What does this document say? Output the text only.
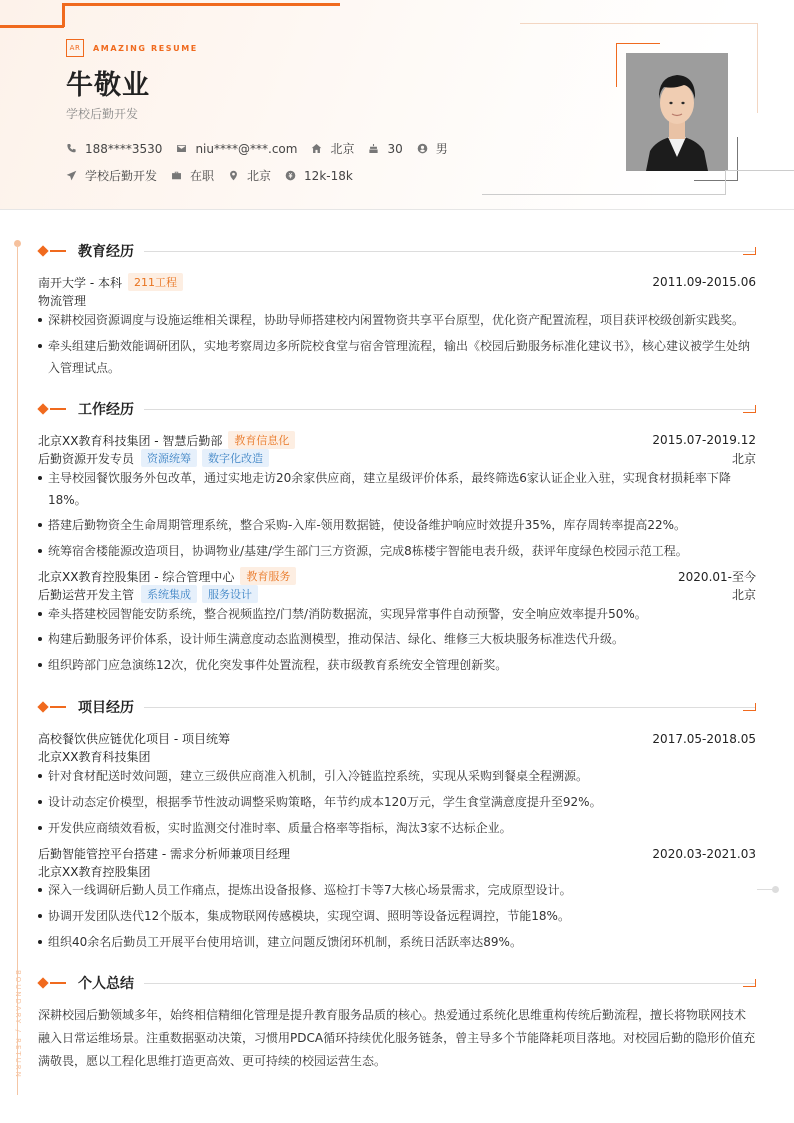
AR	AMAZING RESUME
牛敬业
学校后勤开发
188****3530	niu****@***.com	北京	30	男
学校后勤开发	在职	北京	12k-18k
BOUNDARY / RETURN
教育经历
南开大学 - 本科	211工程	2011.09-2015.06
物流管理
深耕校园资源调度与设施运维相关课程，协助导师搭建校内闲置物资共享平台原型，优化资产配置流程，项目获评校级创新实践奖。
牵头组建后勤效能调研团队，实地考察周边多所院校食堂与宿舍管理流程，输出《校园后勤服务标准化建议书》，核心建议被学生处纳入管理试点。
工作经历
北京XX教育科技集团 - 智慧后勤部	教育信息化	2015.07-2019.12
后勤资源开发专员	资源统筹	数字化改造	北京
主导校园餐饮服务外包改革，通过实地走访20余家供应商，建立星级评价体系，最终筛选6家认证企业入驻，实现食材损耗率下降18%。
搭建后勤物资全生命周期管理系统，整合采购-入库-领用数据链，使设备维护响应时效提升35%，库存周转率提高22%。
统筹宿舍楼能源改造项目，协调物业/基建/学生部门三方资源，完成8栋楼宇智能电表升级，获评年度绿色校园示范工程。
北京XX教育控股集团 - 综合管理中心	教育服务	2020.01-至今
后勤运营开发主管	系统集成	服务设计	北京
牵头搭建校园智能安防系统，整合视频监控/门禁/消防数据流，实现异常事件自动预警，安全响应效率提升50%。
构建后勤服务评价体系，设计师生满意度动态监测模型，推动保洁、绿化、维修三大板块服务标准迭代升级。
组织跨部门应急演练12次，优化突发事件处置流程，获市级教育系统安全管理创新奖。
项目经历
高校餐饮供应链优化项目 - 项目统筹	2017.05-2018.05
北京XX教育科技集团
针对食材配送时效问题，建立三级供应商准入机制，引入冷链监控系统，实现从采购到餐桌全程溯源。
设计动态定价模型，根据季节性波动调整采购策略，年节约成本120万元，学生食堂满意度提升至92%。
开发供应商绩效看板，实时监测交付准时率、质量合格率等指标，淘汰3家不达标企业。
后勤智能管控平台搭建 - 需求分析师兼项目经理	2020.03-2021.03
北京XX教育控股集团
深入一线调研后勤人员工作痛点，提炼出设备报修、巡检打卡等7大核心场景需求，完成原型设计。
协调开发团队迭代12个版本，集成物联网传感模块，实现空调、照明等设备远程调控，节能18%。
组织40余名后勤员工开展平台使用培训，建立问题反馈闭环机制，系统日活跃率达89%。
个人总结
深耕校园后勤领域多年，始终相信精细化管理是提升教育服务品质的核心。热爱通过系统化思维重构传统后勤流程，擅长将物联网技术融入日常运维场景。注重数据驱动决策，习惯用PDCA循环持续优化服务链条，曾主导多个节能降耗项目落地。对校园后勤的隐形价值充满敬畏，愿以工程化思维打造更高效、更可持续的校园运营生态。
